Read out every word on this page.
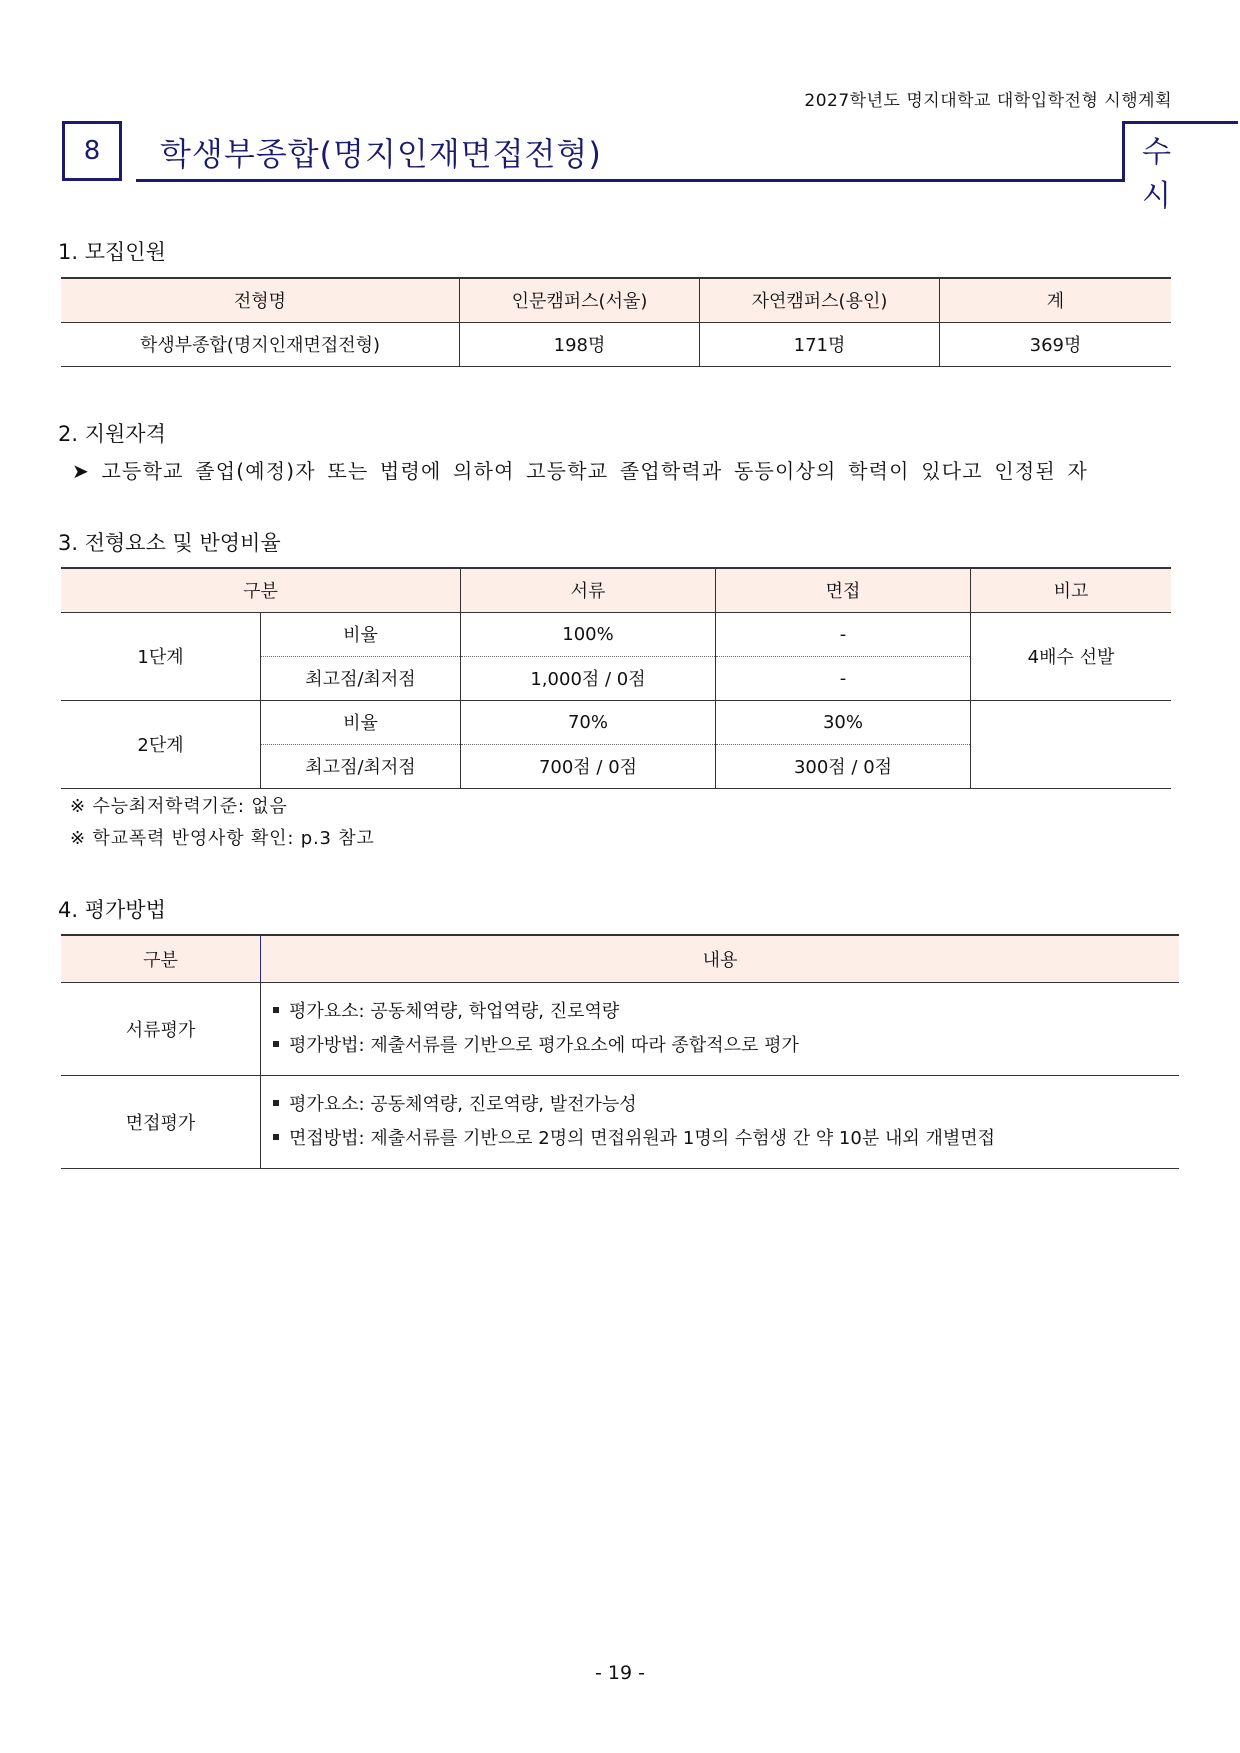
2027학년도 명지대학교 대학입학전형 시행계획
8	학생부종합(명지인재면접전형)	수시
1. 모집인원
전형명	인문캠퍼스(서울)	자연캠퍼스(용인)	계
학생부종합(명지인재면접전형)	198명	171명	369명
2. 지원자격
➤ 고등학교 졸업(예정)자 또는 법령에 의하여 고등학교 졸업학력과 동등이상의 학력이 있다고 인정된 자
3. 전형요소 및 반영비율
구분		서류	면접	비고
1단계	비율	100%	-	4배수 선발
	최고점/최저점	1,000점 / 0점	-	
2단계	비율	70%	30%	
	최고점/최저점	700점 / 0점	300점 / 0점	
※ 수능최저학력기준: 없음
※ 학교폭력 반영사항 확인: p.3 참고
4. 평가방법
구분	내용
서류평가	평가요소: 공동체역량, 학업역량, 진로역량
평가방법: 제출서류를 기반으로 평가요소에 따라 종합적으로 평가

면접평가	평가요소: 공동체역량, 진로역량, 발전가능성
면접방법: 제출서류를 기반으로 2명의 면접위원과 1명의 수험생 간 약 10분 내외 개별면접
- 19 -
